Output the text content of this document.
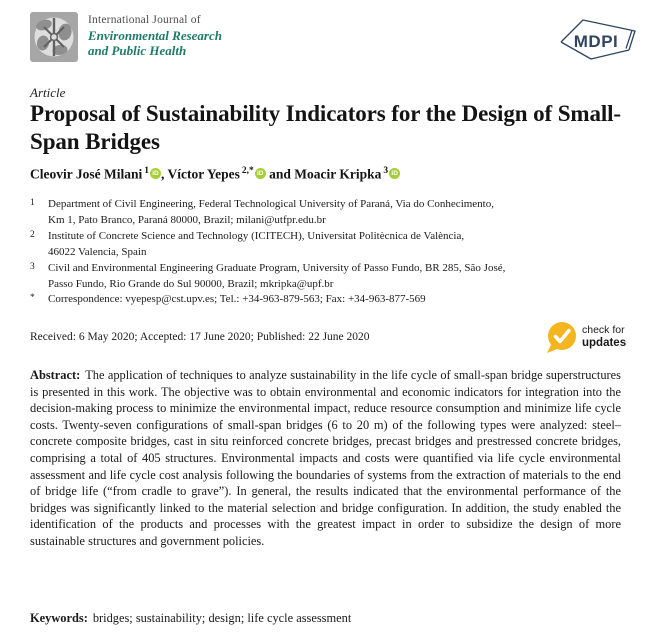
International Journal of
Environmental Research
and Public Health	MDPI
Article
Proposal of Sustainability Indicators for the Design of Small-Span Bridges
Cleovir José Milani $^1$ iD , Víctor Yepes $^{2,*}$ iD and Moacir Kripka $^3$ iD
1	Department of Civil Engineering, Federal Technological University of Paraná, Via do Conhecimento,
Km 1, Pato Branco, Paraná 80000, Brazil; milani@utfpr.edu.br
2	Institute of Concrete Science and Technology (ICITECH), Universitat Politècnica de València,
46022 Valencia, Spain
3	Civil and Environmental Engineering Graduate Program, University of Passo Fundo, BR 285, São José,
Passo Fundo, Rio Grande do Sul 90000, Brazil; mkripka@upf.br
*	Correspondence: vyepesp@cst.upv.es; Tel.: +34-963-879-563; Fax: +34-963-877-569
Received: 6 May 2020; Accepted: 17 June 2020; Published: 22 June 2020
check for
updates

Abstract: The application of techniques to analyze sustainability in the life cycle of small-span bridge superstructures is presented in this work. The objective was to obtain environmental and economic indicators for integration into the decision-making process to minimize the environmental impact, reduce resource consumption and minimize life cycle costs. Twenty-seven configurations of small-span bridges (6 to 20 m) of the following types were analyzed: steel–concrete composite bridges, cast in situ reinforced concrete bridges, precast bridges and prestressed concrete bridges, comprising a total of 405 structures. Environmental impacts and costs were quantified via life cycle environmental assessment and life cycle cost analysis following the boundaries of systems from the extraction of materials to the end of bridge life (“from cradle to grave”). In general, the results indicated that the environmental performance of the bridges was significantly linked to the material selection and bridge configuration. In addition, the study enabled the identification of the products and processes with the greatest impact in order to subsidize the design of more sustainable structures and government policies.

Keywords: bridges; sustainability; design; life cycle assessment
